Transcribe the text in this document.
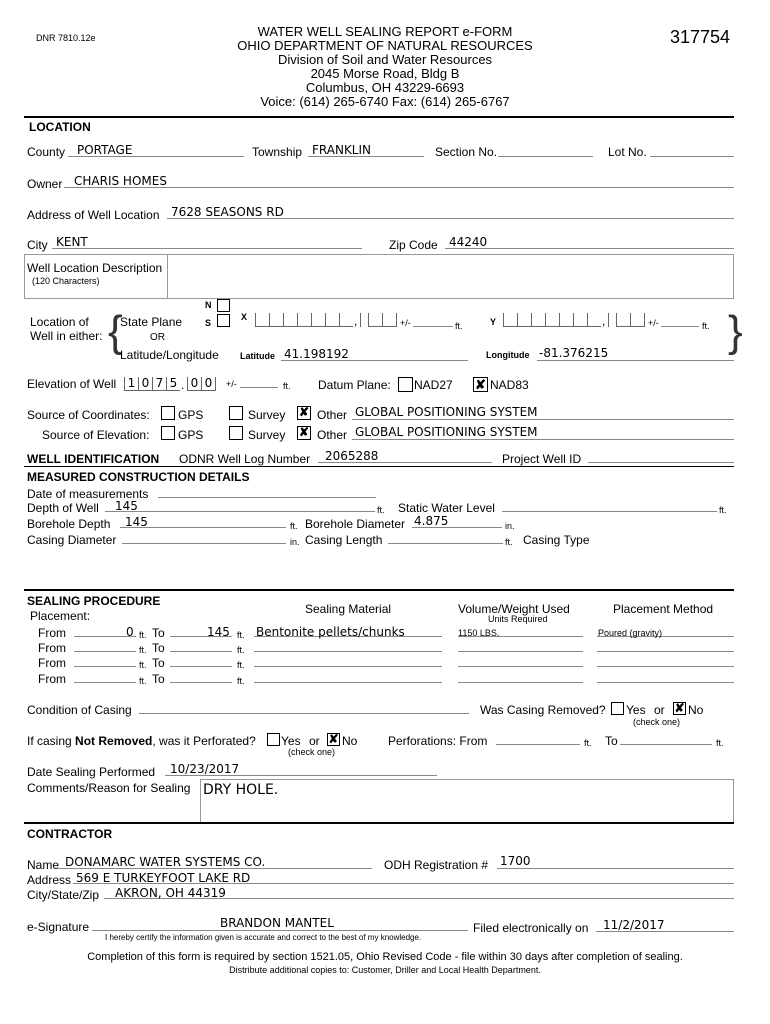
DNR 7810.12e	WATER WELL SEALING REPORT e-FORM
OHIO DEPARTMENT OF NATURAL RESOURCES
Division of Soil and Water Resources
2045 Morse Road, Bldg B
Columbus, OH 43229-6693
Voice: (614) 265-6740 Fax: (614) 265-6767
317754
LOCATION
County PORTAGE	Township FRANKLIN	Section No.	Lot No.
Owner CHARIS HOMES
Address of Well Location 7628 SEASONS RD
City KENT	Zip Code 44240
Well Location Description
(120 Characters)
Location of
Well in either: {
State Plane
OR
Latitude/Longitude
N
S
X	,	+/-	ft.	Y	,	+/-	ft. }
Latitude 41.198192	Longitude -81.376215
Elevation of Well 1 0 7 5 . 0 0 +/-	ft. Datum Plane: NAD27 ✘ NAD83
Source of Coordinates: GPS	Survey ✘ Other GLOBAL POSITIONING SYSTEM
Source of Elevation: GPS	Survey ✘ Other GLOBAL POSITIONING SYSTEM
WELL IDENTIFICATION ODNR Well Log Number 2065288	Project Well ID
MEASURED CONSTRUCTION DETAILS
Date of measurements
Depth of Well 145	ft. Static Water Level	ft.
Borehole Depth 145	ft. Borehole Diameter 4.875	in.
Casing Diameter	in. Casing Length	ft. Casing Type
SEALING PROCEDURE
Placement:	Sealing Material	Volume/Weight Used
Units Required
Placement Method
From	0 ft. To	145 ft. Bentonite pellets/chunks	1150 LBS.	Poured (gravity)
From	ft. To	ft.
From	ft. To	ft.
From	ft. To	ft.
Condition of Casing	Was Casing Removed? Yes or ✘ No
(check one)
If casing Not Removed, was it Perforated? Yes or ✘ No
(check one)
Perforations: From	ft. To	ft.
Date Sealing Performed 10/23/2017
Comments/Reason for Sealing DRY HOLE.
CONTRACTOR
Name DONAMARC WATER SYSTEMS CO.	ODH Registration # 1700
Address 569 E TURKEYFOOT LAKE RD
City/State/Zip AKRON, OH 44319
e-Signature	BRANDON MANTEL
I hereby certify the information given is accurate and correct to the best of my knowledge.
Filed electronically on 11/2/2017
Completion of this form is required by section 1521.05, Ohio Revised Code - file within 30 days after completion of sealing.
Distribute additional copies to: Customer, Driller and Local Health Department.
